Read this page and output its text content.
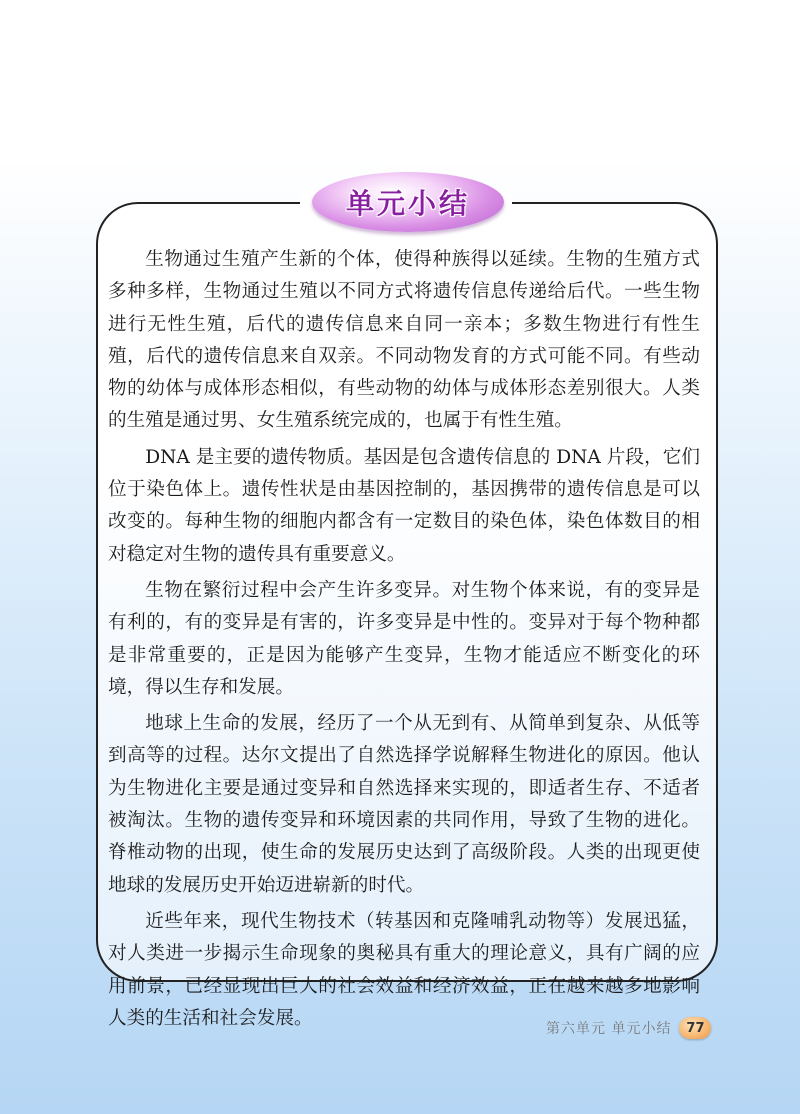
单元小结

生物通过生殖产生新的个体，使得种族得以延续。生物的生殖方式多种多样，生物通过生殖以不同方式将遗传信息传递给后代。一些生物进行无性生殖，后代的遗传信息来自同一亲本；多数生物进行有性生殖，后代的遗传信息来自双亲。不同动物发育的方式可能不同。有些动物的幼体与成体形态相似，有些动物的幼体与成体形态差别很大。人类的生殖是通过男、女生殖系统完成的，也属于有性生殖。

DNA 是主要的遗传物质。基因是包含遗传信息的 DNA 片段，它们位于染色体上。遗传性状是由基因控制的，基因携带的遗传信息是可以改变的。每种生物的细胞内都含有一定数目的染色体，染色体数目的相对稳定对生物的遗传具有重要意义。

生物在繁衍过程中会产生许多变异。对生物个体来说，有的变异是有利的，有的变异是有害的，许多变异是中性的。变异对于每个物种都是非常重要的，正是因为能够产生变异，生物才能适应不断变化的环境，得以生存和发展。

地球上生命的发展，经历了一个从无到有、从简单到复杂、从低等到高等的过程。达尔文提出了自然选择学说解释生物进化的原因。他认为生物进化主要是通过变异和自然选择来实现的，即适者生存、不适者被淘汰。生物的遗传变异和环境因素的共同作用，导致了生物的进化。脊椎动物的出现，使生命的发展历史达到了高级阶段。人类的出现更使地球的发展历史开始迈进崭新的时代。

近些年来，现代生物技术（转基因和克隆哺乳动物等）发展迅猛，对人类进一步揭示生命现象的奥秘具有重大的理论意义，具有广阔的应用前景，已经显现出巨大的社会效益和经济效益，正在越来越多地影响人类的生活和社会发展。

第六单元 单元小结	77
